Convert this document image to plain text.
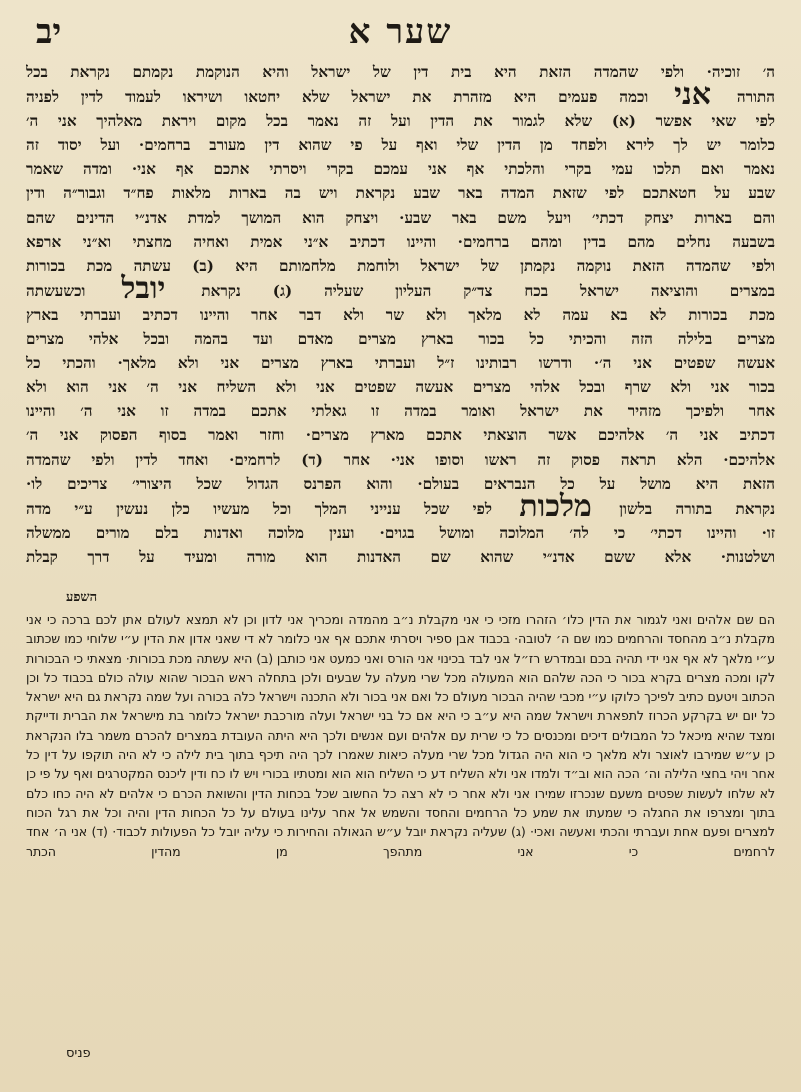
שער א
יב
ה׳ זוכיה· ולפי שהמדה הזאת היא בית דין של ישראל והיא הנוקמת נקמתם נקראת בכל
התורה אני וכמה פעמים היא מזהרת את ישראל שלא יחטאו ושיראו לעמוד לדין לפניה
לפי שאי אפשר (א) שלא לגמור את הדין ועל זה נאמר בכל מקום ויראת מאלהיך אני ה׳
כלומר יש לך לירא ולפחד מן הדין שלי ואף על פי שהוא דין מעורב ברחמים· ועל יסוד זה
נאמר ואם תלכו עמי בקרי והלכתי אף אני עמכם בקרי ויסרתי אתכם אף אני· ומדה שאמר
שבע על חטאתכם לפי שזאת המדה באר שבע נקראת ויש בה בארות מלאות פח״ד וגבור״ה ודין
והם בארות יצחק דכתי׳ ויעל משם באר שבע· ויצחק הוא המושך למדת אדנ״י הדינים שהם
בשבעה נחלים מהם בדין ומהם ברחמים· והיינו דכתיב א״ני אמית ואחיה מחצתי וא״ני ארפא
ולפי שהמדה הזאת נוקמה נקמתן של ישראל ולוחמת מלחמותם היא (ב) עשתה מכת בכורות
במצרים והוציאה ישראל בכח צד״ק העליון שעליה (ג) נקראת יובל וכשעשתה
מכת בכורות לא בא עמה לא מלאך ולא שר ולא דבר אחר והיינו דכתיב ועברתי בארץ
מצרים בלילה הזה והכיתי כל בכור בארץ מצרים מאדם ועד בהמה ובכל אלהי מצרים
אעשה שפטים אני ה׳· ודרשו רבותינו ז״ל ועברתי בארץ מצרים אני ולא מלאך· והכתי כל
בכור אני ולא שרף ובכל אלהי מצרים אעשה שפטים אני ולא השליח אני ה׳ אני הוא ולא
אחר ולפיכך מזהיר את ישראל ואומר במדה זו גאלתי אתכם במדה זו אני ה׳ והיינו
דכתיב אני ה׳ אלהיכם אשר הוצאתי אתכם מארץ מצרים· וחזר ואמר בסוף הפסוק אני ה׳
אלהיכם· הלא תראה פסוק זה ראשו וסופו אני· אחר (ד) לרחמים· ואחד לדין ולפי שהמדה
הזאת היא מושל על כל הנבראים בעולם· והוא הפרנס הגדול שכל היצורי׳ צריכים לו·
נקראת בתורה בלשון מלכות לפי שכל ענייני המלך וכל מעשיו כלן נעשין ע״י מדה
זו· והיינו דכתי׳ כי לה׳ המלוכה ומושל בגוים· וענין מלוכה ואדנות בלם מורים ממשלה
ושלטנות· אלא ששם אדנ״י שהוא שם האדנות הוא מורה ומעיד על דרך קבלת
השפע
הם שם אלהים ואני לגמור את הדין כלו׳ הזהרו מזכי כי אני מקבלת נ״ב מהמדה ומכריך אני לדון וכן לא תמצא לעולם אתן לכם ברכה כי אני מקבלת נ״ב מהחסד והרחמים כמו שם ה׳ לטובה· בכבוד אבן ספיר ויסרתי אתכם אף אני כלומר לא די שאני אדון את הדין ע״י שלוחי כמו שכתוב ע״י מלאך לא אף אני ידי תהיה בכם ובמדרש רז״ל אני לבד בכינוי אני הורס ואני כמעט אני כותבן (ב) היא עשתה מכת בכורות· מצאתי כי הבכורות לקו ומכה מצרים בקרא בכור כי הכה שלהם הוא המעולה מכל שרי מעלה על שבעים ולכן בתחלה ראש הבכור שהוא עולה כולם בכבוד כל וכן הכתוב ויטעם כתיב לפיכך כלוקו ע״י מכבי שהיה הבכור מעולם כל ואם אני בכור ולא התכנה וישראל כלה בכורה ועל שמה נקראת גם היא ישראל כל יום יש בקרקע הכרוז לתפארת וישראל שמה היא ע״ב כי היא אם כל בני ישראל ועלה מורכבת ישראל כלומר בת מישראל את הברית ודייקת ומצד שהיא מיכאל כל המבולים דיכים ומכנסים כל כי שרית עם אלהים ועם אנשים ולכך היא היתה העובדת במצרים להכרם משמר בלו הנקראת כן ע״ש שמירבו לאוצר ולא מלאך כי הוא היה הגדול מכל שרי מעלה כיאות שאמרו לכך היה תיכף בתוך בית לילה כי לא היה תוקפו על דין כל אחר ויהי בחצי הלילה וה׳ הכה הוא וב״ד ולמדו אני ולא השליח דע כי השליח הוא הוא ומטתיו בכורי ויש לו כח ודין ליכנס המקטרגים ואף על פי כן לא שלחו לעשות שפטים משעם שנכרזו שמירו אני ולא אחר כי לא רצה כל החשוב שכל בכחות הדין והשואת הכרם כי אלהים לא היה כחו כלם בתוך ומצרפו את החגלה כי שמעתו את שמע כל הרחמים והחסד והשמש אל אחר עלינו בעולם על כל הכחות הדין והיה וכל את רגל הכוח למצרים ופעם אחת ועברתי והכתי ואעשה ואכי· (ג) שעליה נקראת יובל ע״ש הגאולה והחירות כי עליה יובל כל הפעולות לכבוד· (ד) אני ה׳ אחד לרחמים כי אני מתהפך מן מהדין הכתר
פניס
